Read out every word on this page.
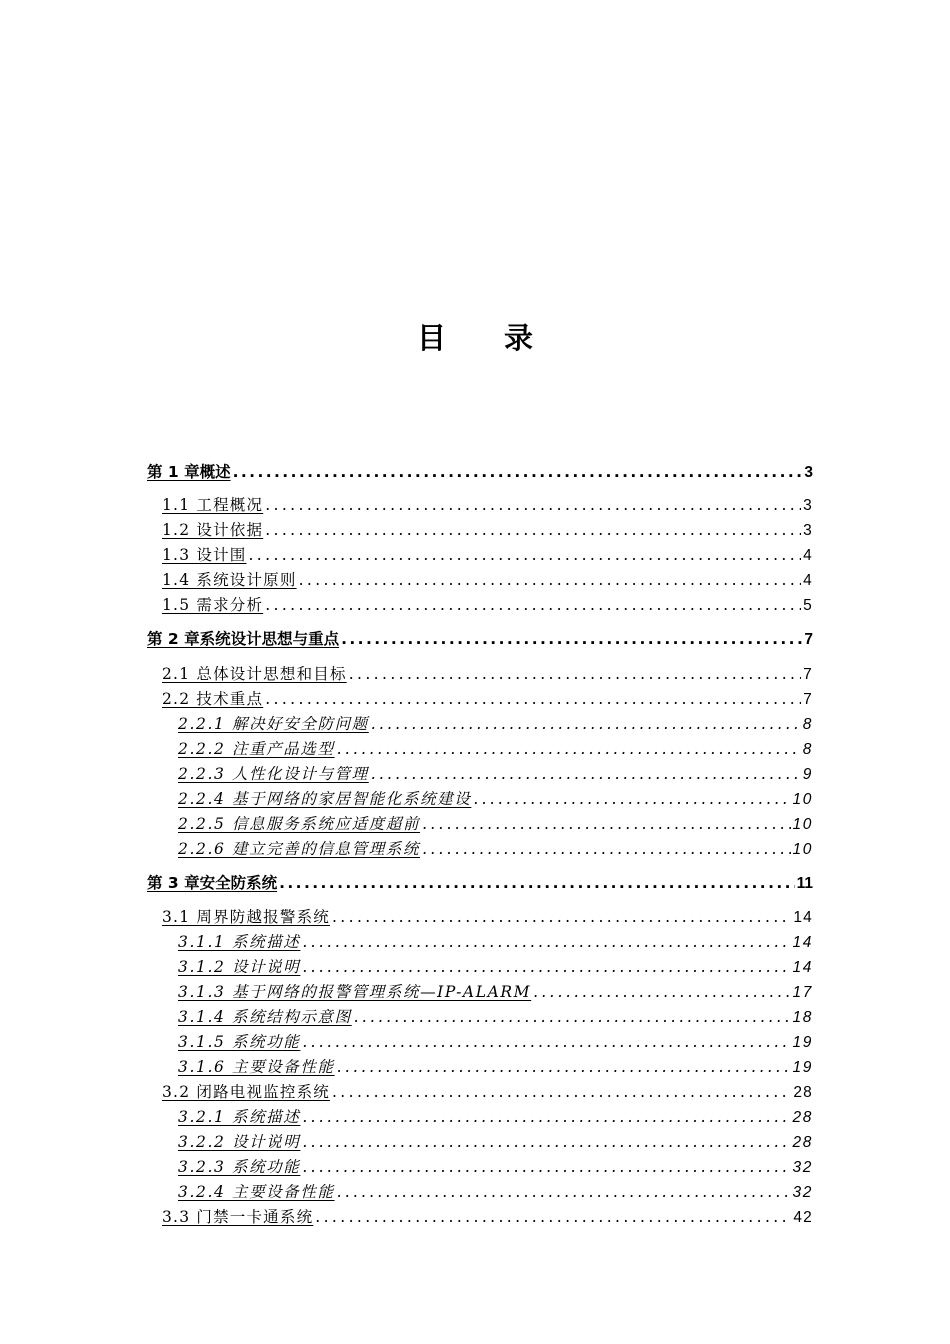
目 录
第 1 章概述 .....	3
1.1 工程概况 .....	3
1.2 设计依据 .....	3
1.3 设计围 .....	4
1.4 系统设计原则 .....	4
1.5 需求分析 .....	5
第 2 章系统设计思想与重点 .....	7
2.1 总体设计思想和目标 .....	7
2.2 技术重点 .....	7
2.2.1 解决好安全防问题 .....	8
2.2.2 注重产品选型 .....	8
2.2.3 人性化设计与管理 .....	9
2.2.4 基于网络的家居智能化系统建设 .....	10
2.2.5 信息服务系统应适度超前 .....	10
2.2.6 建立完善的信息管理系统 .....	10
第 3 章安全防系统 .....	11
3.1 周界防越报警系统 .....	14
3.1.1 系统描述 .....	14
3.1.2 设计说明 .....	14
3.1.3 基于网络的报警管理系统—IP-ALARM .....	17
3.1.4 系统结构示意图 .....	18
3.1.5 系统功能 .....	19
3.1.6 主要设备性能 .....	19
3.2 闭路电视监控系统 .....	28
3.2.1 系统描述 .....	28
3.2.2 设计说明 .....	28
3.2.3 系统功能 .....	32
3.2.4 主要设备性能 .....	32
3.3 门禁一卡通系统 .....	42
